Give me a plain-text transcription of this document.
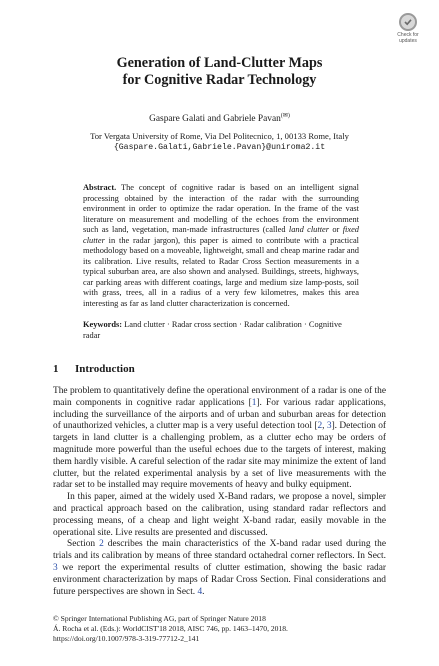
Check for updates
Generation of Land-Clutter Maps
for Cognitive Radar Technology
Gaspare Galati and Gabriele Pavan(✉)
Tor Vergata University of Rome, Via Del Politecnico, 1, 00133 Rome, Italy
{Gaspare.Galati,Gabriele.Pavan}@uniroma2.it

Abstract. The concept of cognitive radar is based on an intelligent signal processing obtained by the interaction of the radar with the surrounding environment in order to optimize the radar operation. In the frame of the vast literature on measurement and modelling of the echoes from the environment such as land, vegetation, man-made infrastructures (called land clutter or fixed clutter in the radar jargon), this paper is aimed to contribute with a practical methodology based on a moveable, lightweight, small and cheap marine radar and its calibration. Live results, related to Radar Cross Section measurements in a typical suburban area, are also shown and analysed. Buildings, streets, highways, car parking areas with different coatings, large and medium size lamp-posts, soil with grass, trees, all in a radius of a very few kilometres, makes this area interesting as far as land clutter characterization is concerned.

Keywords: Land clutter · Radar cross section · Radar calibration · Cognitive radar
1 Introduction

The problem to quantitatively define the operational environment of a radar is one of the main components in cognitive radar applications [1]. For various radar applications, including the surveillance of the airports and of urban and suburban areas for detection of unauthorized vehicles, a clutter map is a very useful detection tool [2, 3]. Detection of targets in land clutter is a challenging problem, as a clutter echo may be orders of magnitude more powerful than the useful echoes due to the targets of interest, making them hardly visible. A careful selection of the radar site may minimize the extent of land clutter, but the related experimental analysis by a set of live measurements with the radar set to be installed may require movements of heavy and bulky equipment.

In this paper, aimed at the widely used X-Band radars, we propose a novel, simpler and practical approach based on the calibration, using standard radar reflectors and processing means, of a cheap and light weight X-band radar, easily movable in the operational site. Live results are presented and discussed.

Section 2 describes the main characteristics of the X-band radar used during the trials and its calibration by means of three standard octahedral corner reflectors. In Sect. 3 we report the experimental results of clutter estimation, showing the basic radar environment characterization by maps of Radar Cross Section. Final considerations and future perspectives are shown in Sect. 4.

© Springer International Publishing AG, part of Springer Nature 2018
Á. Rocha et al. (Eds.): WorldCIST'18 2018, AISC 746, pp. 1463–1470, 2018.
https://doi.org/10.1007/978-3-319-77712-2_141
